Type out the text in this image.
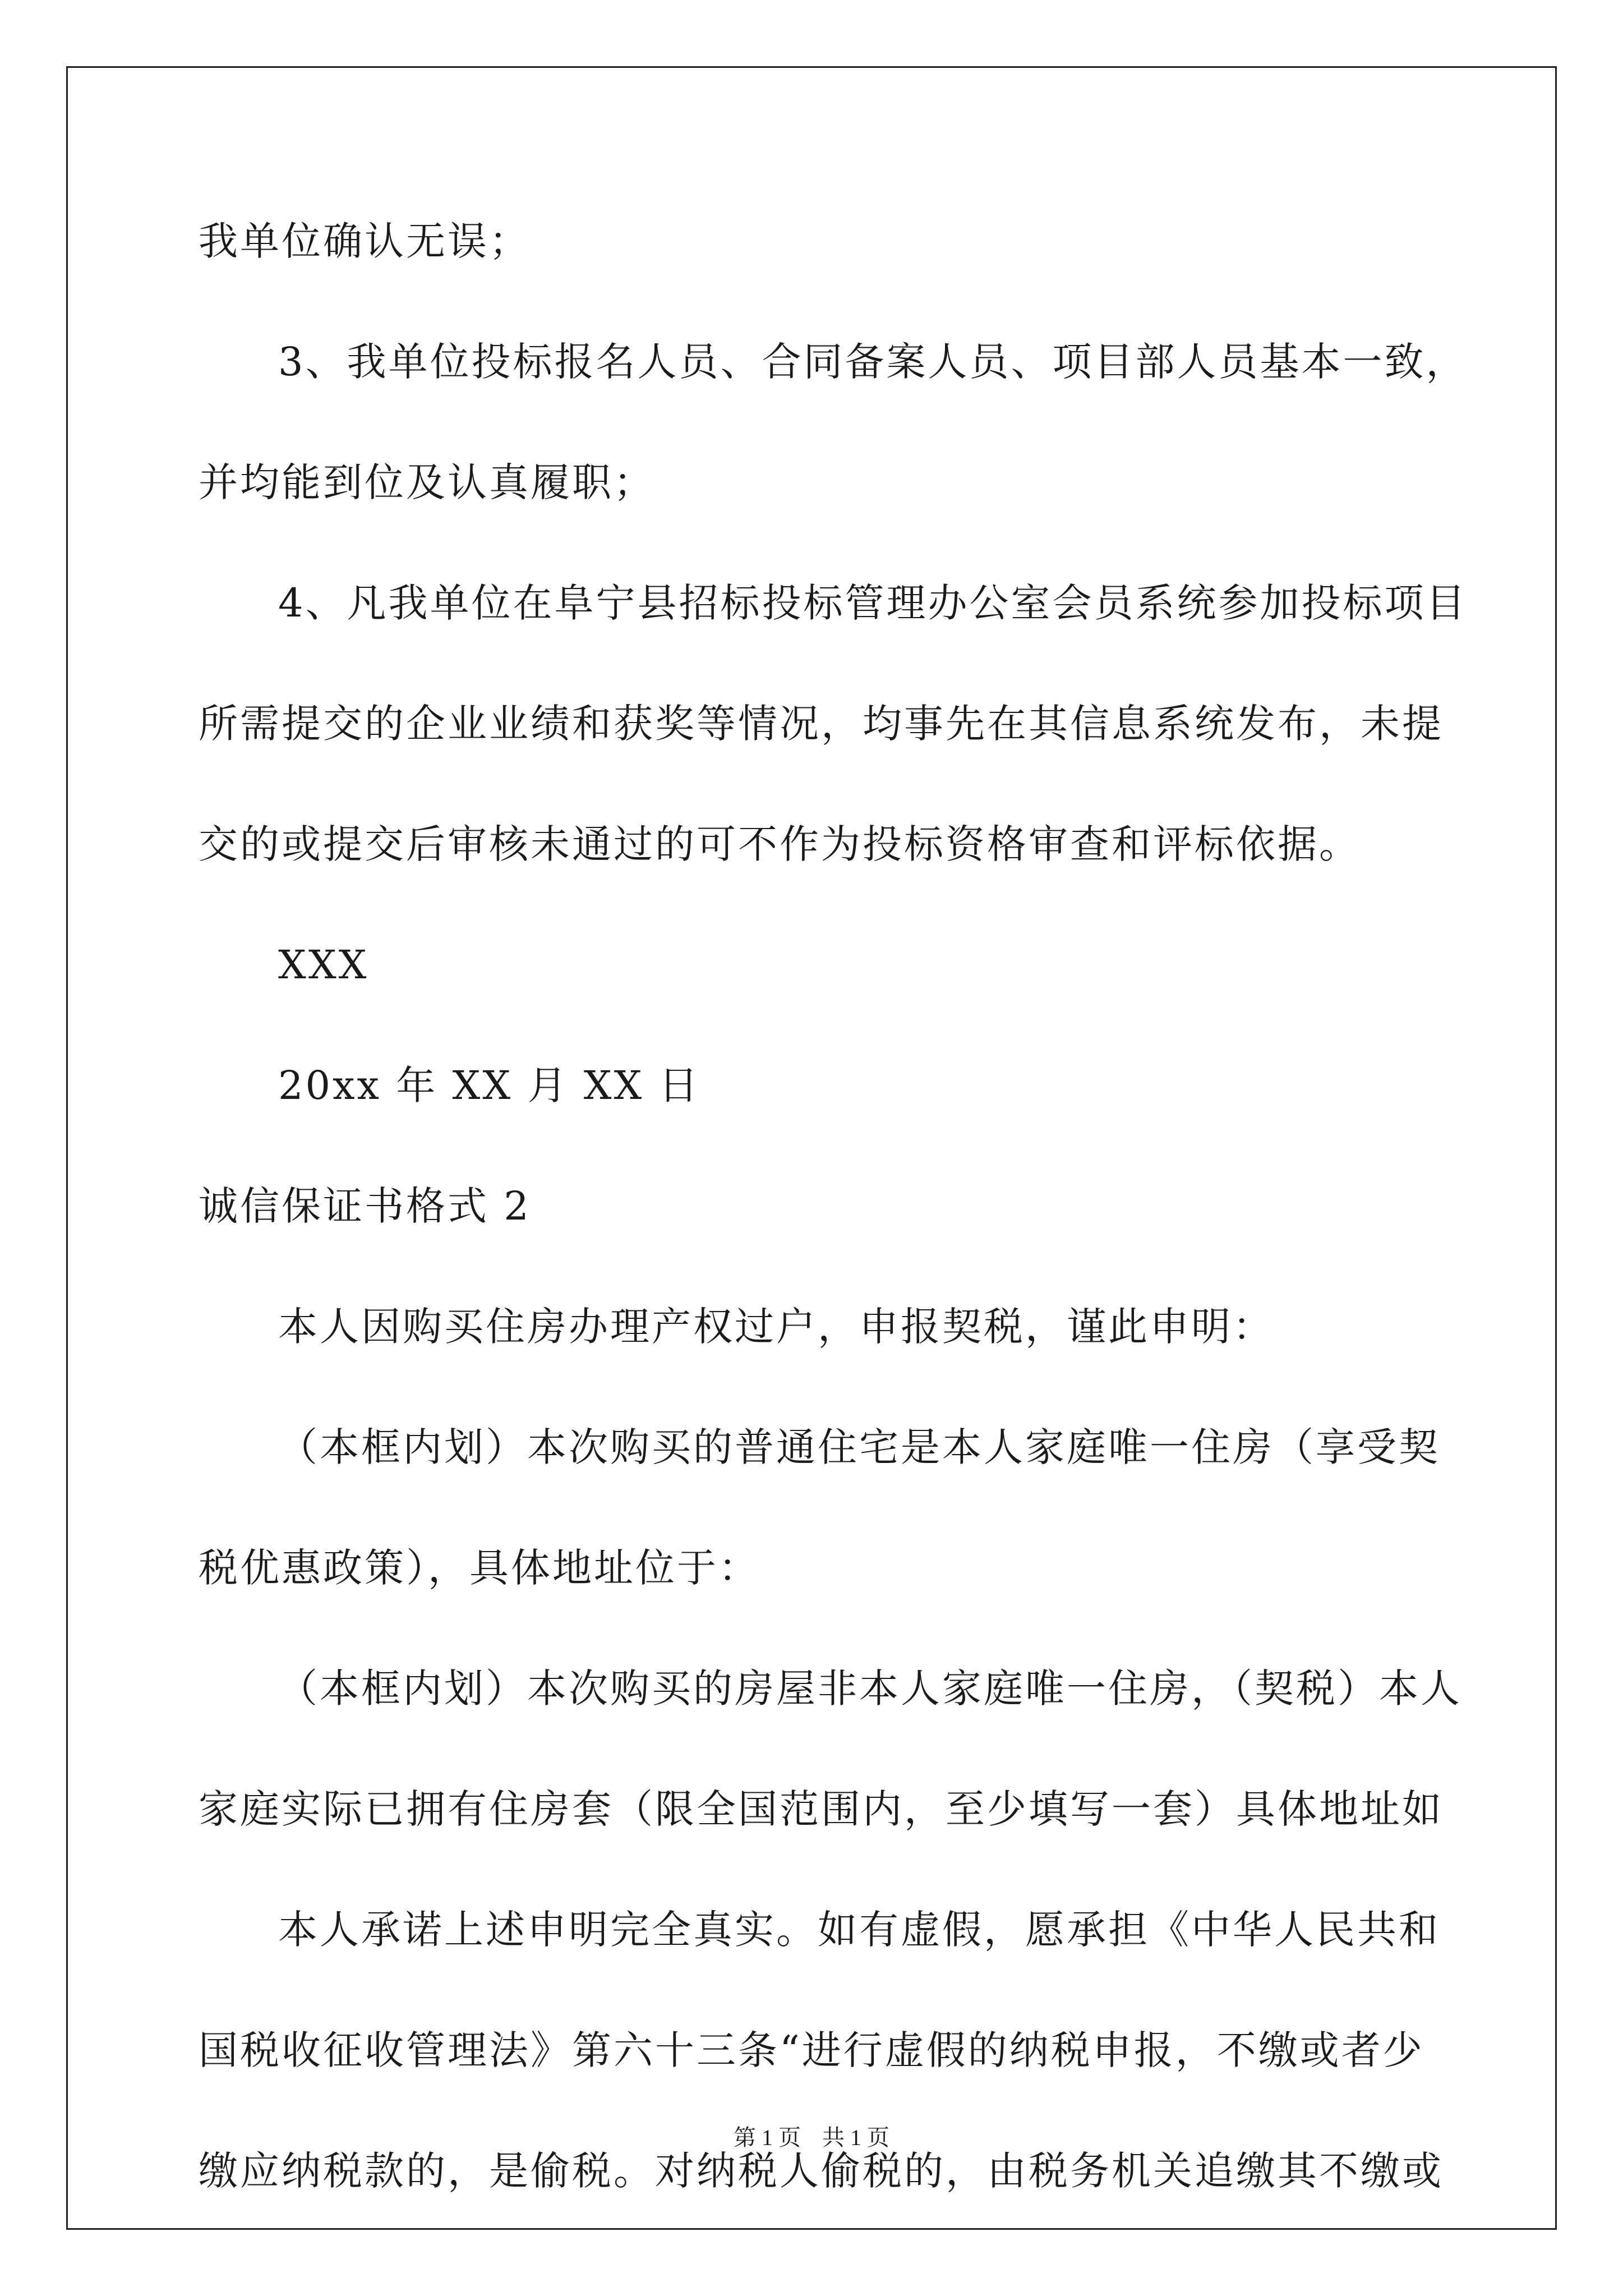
我单位确认无误；
3、我单位投标报名人员、合同备案人员、项目部人员基本一致，
并均能到位及认真履职；
4、凡我单位在阜宁县招标投标管理办公室会员系统参加投标项目
所需提交的企业业绩和获奖等情况，均事先在其信息系统发布，未提
交的或提交后审核未通过的可不作为投标资格审查和评标依据。
XXX
20xx 年 XX 月 XX 日
诚信保证书格式 2
本人因购买住房办理产权过户，申报契税，谨此申明：
（本框内划）本次购买的普通住宅是本人家庭唯一住房（享受契
税优惠政策），具体地址位于：
（本框内划）本次购买的房屋非本人家庭唯一住房，（契税）本人
家庭实际已拥有住房套（限全国范围内，至少填写一套）具体地址如
本人承诺上述申明完全真实。如有虚假，愿承担《中华人民共和
国税收征收管理法》第六十三条“进行虚假的纳税申报，不缴或者少
缴应纳税款的，是偷税。对纳税人偷税的，由税务机关追缴其不缴或
第 1 页 共 1 页
